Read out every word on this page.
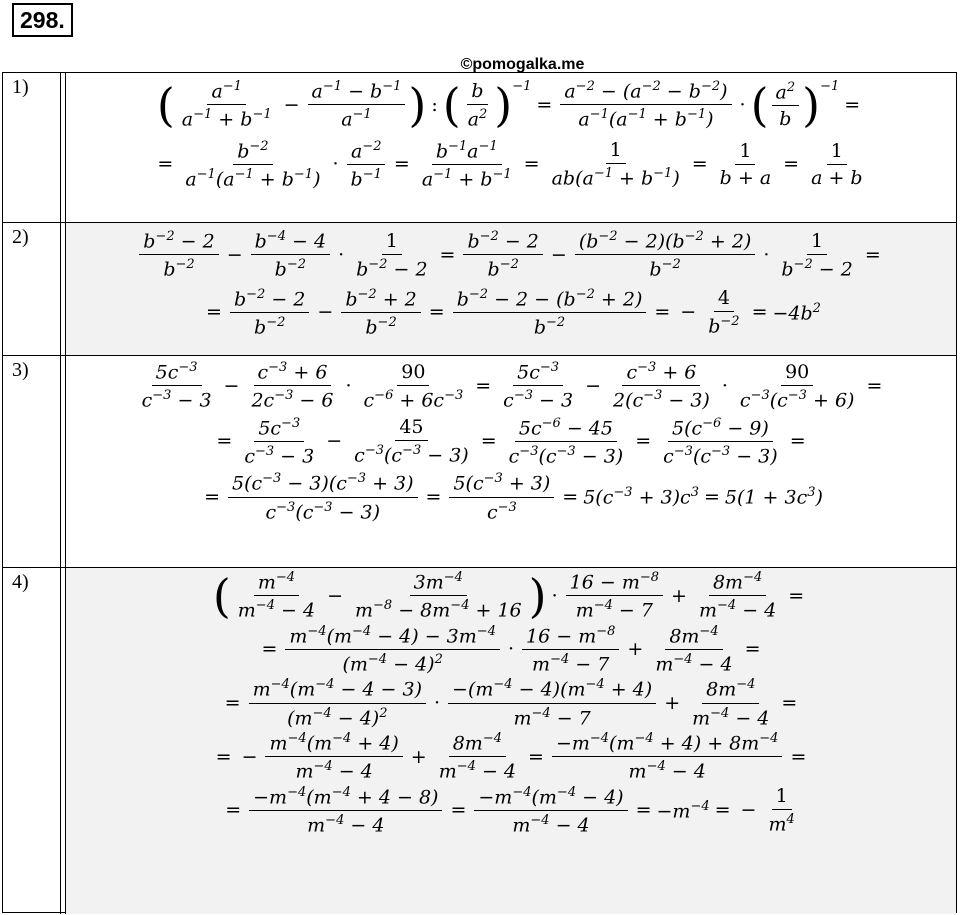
298.
©pomogalka.me
1)	( $\frac{a^{-1}}{a^{-1} + b^{-1}} - \frac{a^{-1} - b^{-1}}{a^{-1}}$ ) : ( $\frac{b}{a^2} )^{-1}$
= $\frac{a^{-2} - (a^{-2} - b^{-2})}{a^{-1}(a^{-1} + b^{-1})}$ · ( $\frac{a^2}{b} )^{-1}$
=
= $\frac{b^{-2}}{a^{-1}(a^{-1} + b^{-1})} \cdot \frac{a^{-2}}{b^{-1}} = \frac{b^{-1}a^{-1}}{a^{-1} + b^{-1}} = \frac{1}{ab(a^{-1} + b^{-1})} = \frac{1}{b + a} = \frac{1}{a + b}$
2)	$\frac{b^{-2} - 2}{b^{-2}} - \frac{b^{-4} - 4}{b^{-2}} \cdot \frac{1}{b^{-2} - 2} = \frac{b^{-2} - 2}{b^{-2}} - \frac{(b^{-2} - 2)(b^{-2} + 2)}{b^{-2}} \cdot \frac{1}{b^{-2} - 2}$ =
= $\frac{b^{-2} - 2}{b^{-2}} - \frac{b^{-2} + 2}{b^{-2}} = \frac{b^{-2} - 2 - (b^{-2} + 2)}{b^{-2}}$ = − $\frac{4}{b^{-2}} = -4b^2$
3)	$\frac{5c^{-3}}{c^{-3} - 3} - \frac{c^{-3} + 6}{2c^{-3} - 6} \cdot \frac{90}{c^{-6} + 6c^{-3}} = \frac{5c^{-3}}{c^{-3} - 3} - \frac{c^{-3} + 6}{2(c^{-3} - 3)} \cdot \frac{90}{c^{-3}(c^{-3} + 6)}$ =
= $\frac{5c^{-3}}{c^{-3} - 3} - \frac{45}{c^{-3}(c^{-3} - 3)} = \frac{5c^{-6} - 45}{c^{-3}(c^{-3} - 3)} = \frac{5(c^{-6} - 9)}{c^{-3}(c^{-3} - 3)}$ =
= $\frac{5(c^{-3} - 3)(c^{-3} + 3)}{c^{-3}(c^{-3} - 3)} = \frac{5(c^{-3} + 3)}{c^{-3}} = 5(c^{-3} + 3)c^3 = 5(1 + 3c^3)$
4)	( $\frac{m^{-4}}{m^{-4} - 4} - \frac{3m^{-4}}{m^{-8} - 8m^{-4} + 16}$ ) · $\frac{16 - m^{-8}}{m^{-4} - 7} + \frac{8m^{-4}}{m^{-4} - 4}$ =
= $\frac{m^{-4}(m^{-4} - 4) - 3m^{-4}}{(m^{-4} - 4)^2} \cdot \frac{16 - m^{-8}}{m^{-4} - 7} + \frac{8m^{-4}}{m^{-4} - 4}$ =
= $\frac{m^{-4}(m^{-4} - 4 - 3)}{(m^{-4} - 4)^2} \cdot \frac{-(m^{-4} - 4)(m^{-4} + 4)}{m^{-4} - 7} + \frac{8m^{-4}}{m^{-4} - 4}$ =
= − $\frac{m^{-4}(m^{-4} + 4)}{m^{-4} - 4} + \frac{8m^{-4}}{m^{-4} - 4} = \frac{-m^{-4}(m^{-4} + 4) + 8m^{-4}}{m^{-4} - 4}$ =
= $\frac{-m^{-4}(m^{-4} + 4 - 8)}{m^{-4} - 4} = \frac{-m^{-4}(m^{-4} - 4)}{m^{-4} - 4} = -m^{-4}$ = − $\frac{1}{m^4}$
